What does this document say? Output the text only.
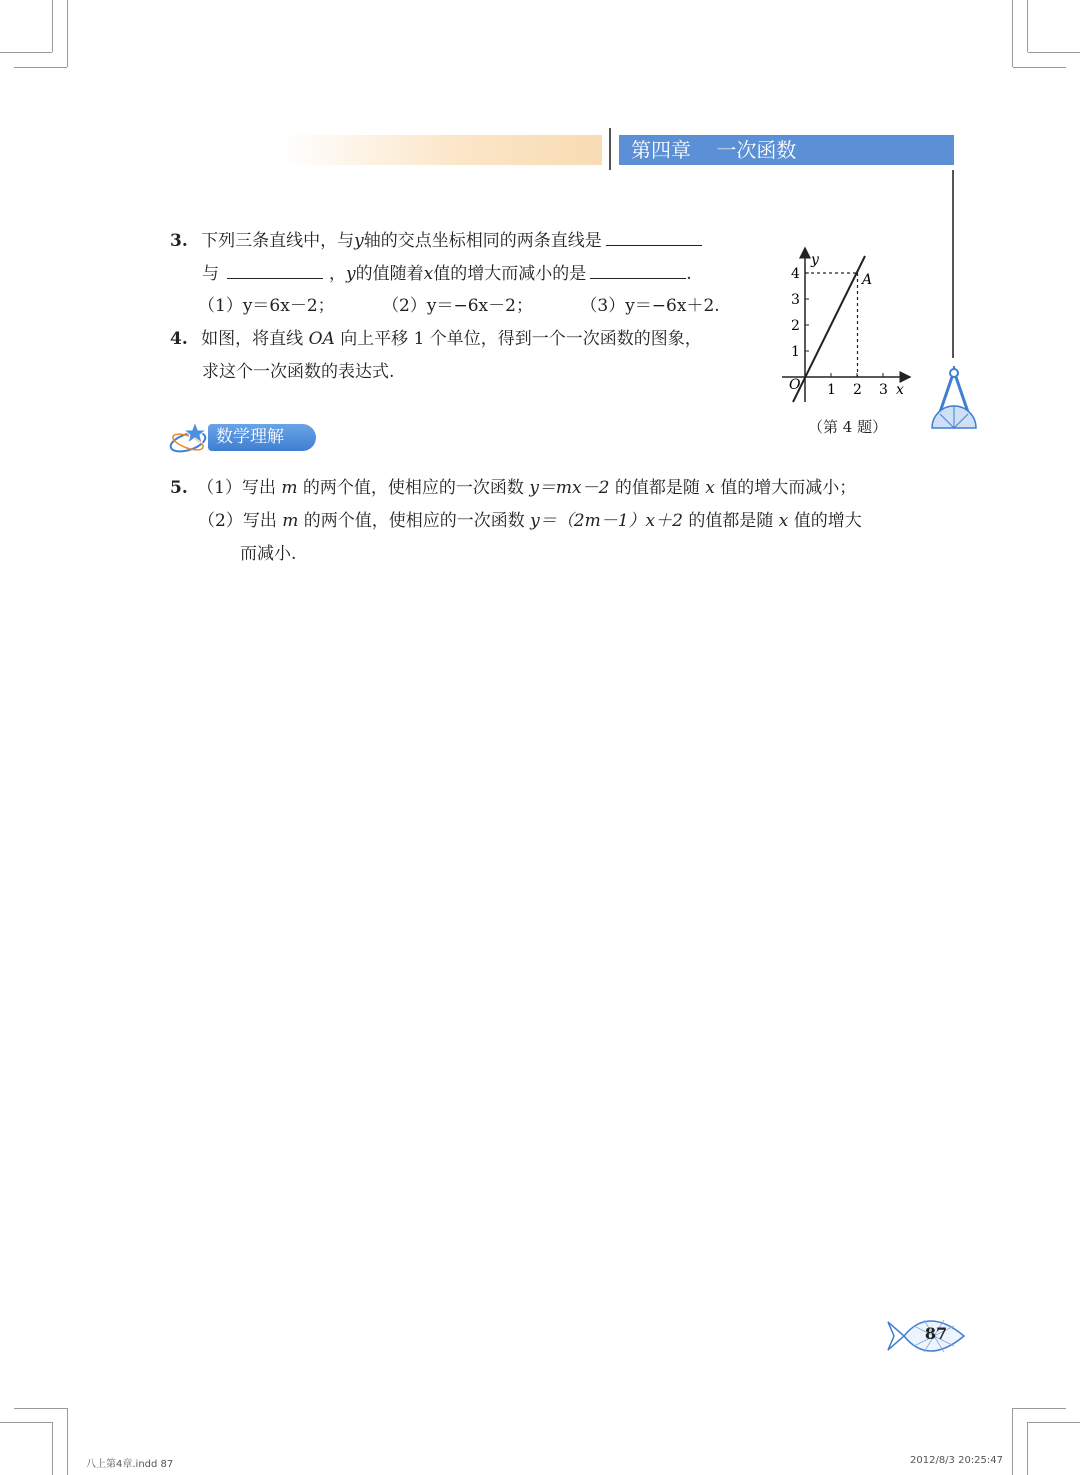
第四章    一次函数
3. 下列三条直线中，与y轴的交点坐标相同的两条直线是
与	，y的值随着x值的增大而减小的是	.
（1）y＝6x－2；	（2）y＝−6x－2；	（3）y＝−6x＋2.
4. 如图，将直线 OA 向上平移 1 个单位，得到一个一次函数的图象，
求这个一次函数的表达式.
y
x
O
A
1 2 3
1
2
3
4
（第 4 题）
数学理解
5. （1）写出 m 的两个值，使相应的一次函数 y＝mx－2 的值都是随 x 值的增大而减小；
（2）写出 m 的两个值，使相应的一次函数 y＝（2m－1）x＋2 的值都是随 x 值的增大
而减小.
87
八上第4章.indd 87	2012/8/3 20:25:47
